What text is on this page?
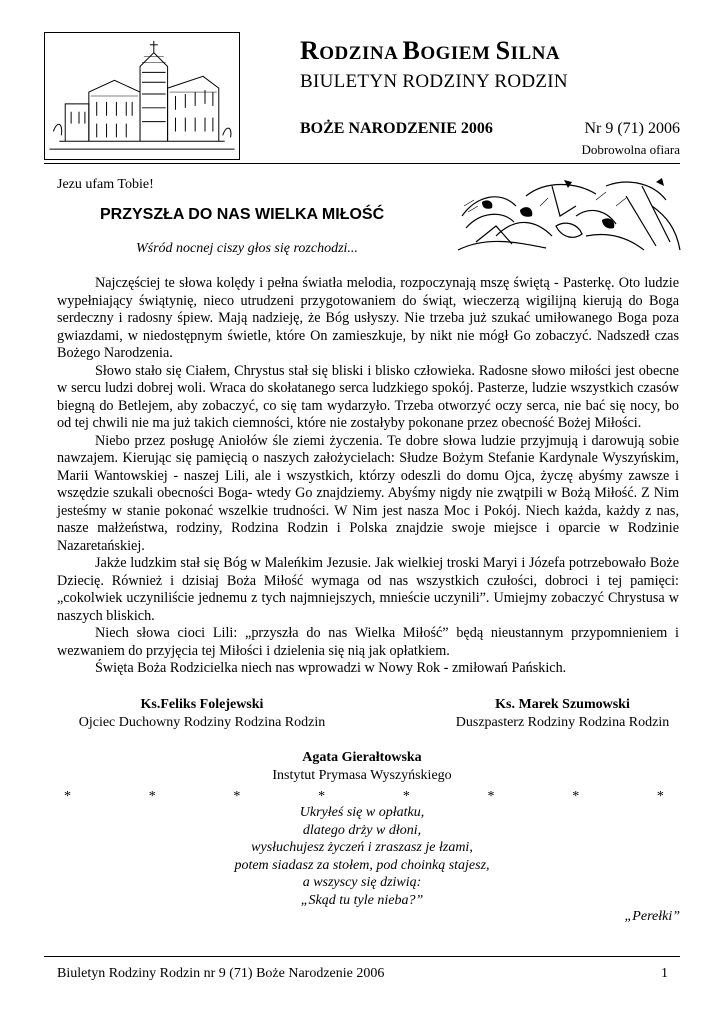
RODZINA BOGIEM SILNA
BIULETYN RODZINY RODZIN
BOŻE NARODZENIE 2006	Nr 9 (71) 2006
Dobrowolna ofiara
Jezu ufam Tobie!
PRZYSZŁA DO NAS WIELKA MIŁOŚĆ
Wśród nocnej ciszy głos się rozchodzi...

Najczęściej te słowa kolędy i pełna światła melodia, rozpoczynają mszę świętą - Pasterkę. Oto ludzie wypełniający świątynię, nieco utrudzeni przygotowaniem do świąt, wieczerzą wigilijną kierują do Boga serdeczny i radosny śpiew. Mają nadzieję, że Bóg usłyszy. Nie trzeba już szukać umiłowanego Boga poza gwiazdami, w niedostępnym świetle, które On zamieszkuje, by nikt nie mógł Go zobaczyć. Nadszedł czas Bożego Narodzenia.

Słowo stało się Ciałem, Chrystus stał się bliski i blisko człowieka. Radosne słowo miłości jest obecne w sercu ludzi dobrej woli. Wraca do skołatanego serca ludzkiego spokój. Pasterze, ludzie wszystkich czasów biegną do Betlejem, aby zobaczyć, co się tam wydarzyło. Trzeba otworzyć oczy serca, nie bać się nocy, bo od tej chwili nie ma już takich ciemności, które nie zostałyby pokonane przez obecność Bożej Miłości.

Niebo przez posługę Aniołów śle ziemi życzenia. Te dobre słowa ludzie przyjmują i darowują sobie nawzajem. Kierując się pamięcią o naszych założycielach: Słudze Bożym Stefanie Kardynale Wyszyńskim, Marii Wantowskiej - naszej Lili, ale i wszystkich, którzy odeszli do domu Ojca, życzę abyśmy zawsze i wszędzie szukali obecności Boga- wtedy Go znajdziemy. Abyśmy nigdy nie zwątpili w Bożą Miłość. Z Nim jesteśmy w stanie pokonać wszelkie trudności. W Nim jest nasza Moc i Pokój. Niech każda, każdy z nas, nasze małżeństwa, rodziny, Rodzina Rodzin i Polska znajdzie swoje miejsce i oparcie w Rodzinie Nazaretańskiej.

Jakże ludzkim stał się Bóg w Maleńkim Jezusie. Jak wielkiej troski Maryi i Józefa potrzebowało Boże Dziecię. Również i dzisiaj Boża Miłość wymaga od nas wszystkich czułości, dobroci i tej pamięci: „cokolwiek uczyniliście jednemu z tych najmniejszych, mnieście uczynili”. Umiejmy zobaczyć Chrystusa w naszych bliskich.

Niech słowa cioci Lili: „przyszła do nas Wielka Miłość” będą nieustannym przypomnieniem i wezwaniem do przyjęcia tej Miłości i dzielenia się nią jak opłatkiem.

Święta Boża Rodzicielka niech nas wprowadzi w Nowy Rok - zmiłowań Pańskich.

Ks.Feliks Folejewski
Ojciec Duchowny Rodziny Rodzina Rodzin
Ks. Marek Szumowski
Duszpasterz Rodziny Rodzina Rodzin
Agata Gierałtowska
Instytut Prymasa Wyszyńskiego
*	*	*	*	*	*	*	*
Ukryłeś się w opłatku,
dlatego drży w dłoni,
wysłuchujesz życzeń i zraszasz je łzami,
potem siadasz za stołem, pod choinką stajesz,
a wszyscy się dziwią:
„Skąd tu tyle nieba?”
„Perełki”
Biuletyn Rodziny Rodzin nr 9 (71) Boże Narodzenie 2006	1
